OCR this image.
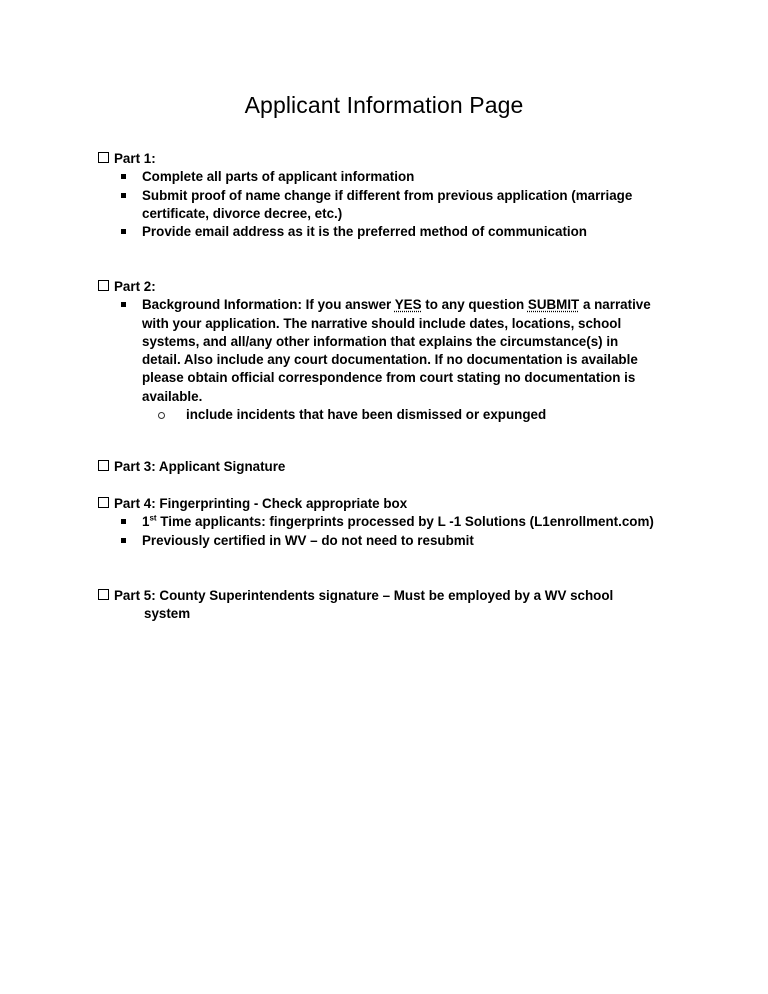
Applicant Information Page
Part 1:
Complete all parts of applicant information
Submit proof of name change if different from previous application (marriage certificate, divorce decree, etc.)
Provide email address as it is the preferred method of communication
Part 2:
Background Information: If you answer YES to any question SUBMIT a narrative with your application. The narrative should include dates, locations, school systems, and all/any other information that explains the circumstance(s) in detail. Also include any court documentation. If no documentation is available please obtain official correspondence from court stating no documentation is available.
include incidents that have been dismissed or expunged
Part 3: Applicant Signature
Part 4: Fingerprinting - Check appropriate box
1st Time applicants: fingerprints processed by L -1 Solutions (L1enrollment.com)
Previously certified in WV – do not need to resubmit
Part 5: County Superintendents signature – Must be employed by a WV school system
